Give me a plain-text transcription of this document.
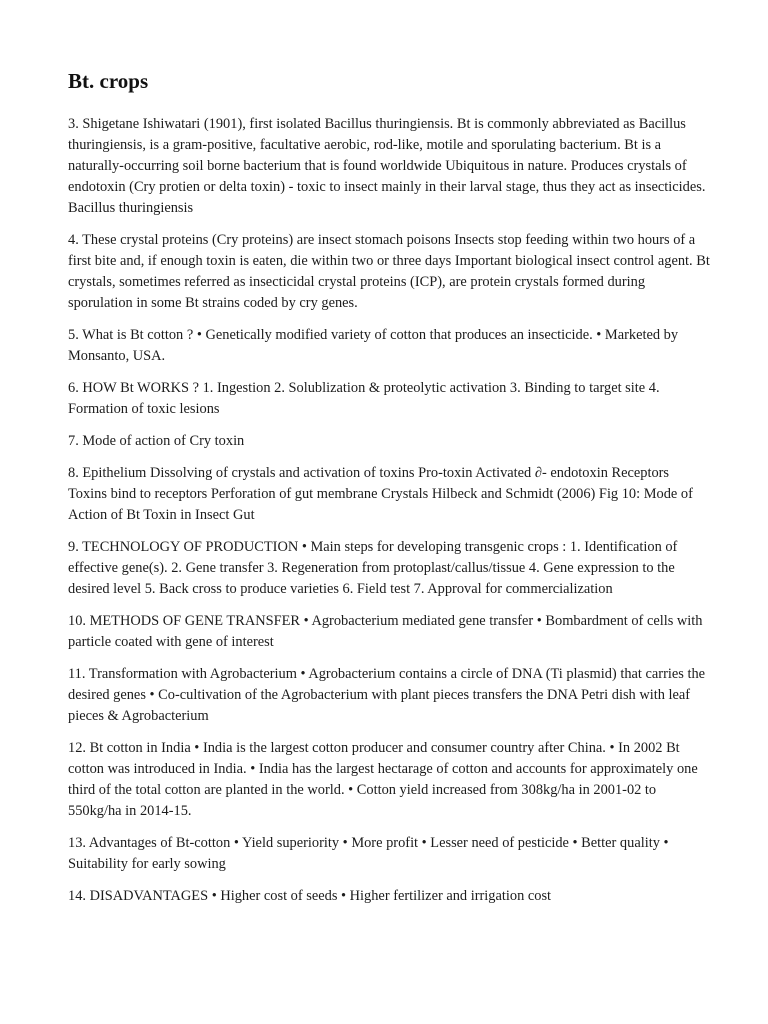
Bt. crops

3. Shigetane Ishiwatari (1901), first isolated Bacillus thuringiensis. Bt is commonly abbreviated as Bacillus thuringiensis, is a gram-positive, facultative aerobic, rod-like, motile and sporulating bacterium. Bt is a naturally-occurring soil borne bacterium that is found worldwide Ubiquitous in nature. Produces crystals of endotoxin (Cry protien or delta toxin) - toxic to insect mainly in their larval stage, thus they act as insecticides. Bacillus thuringiensis

4. These crystal proteins (Cry proteins) are insect stomach poisons Insects stop feeding within two hours of a first bite and, if enough toxin is eaten, die within two or three days Important biological insect control agent. Bt crystals, sometimes referred as insecticidal crystal proteins (ICP), are protein crystals formed during sporulation in some Bt strains coded by cry genes.

5. What is Bt cotton ? • Genetically modified variety of cotton that produces an insecticide. • Marketed by Monsanto, USA.

6. HOW Bt WORKS ? 1. Ingestion 2. Solublization & proteolytic activation 3. Binding to target site 4. Formation of toxic lesions

7. Mode of action of Cry toxin

8. Epithelium Dissolving of crystals and activation of toxins Pro-toxin Activated ∂- endotoxin Receptors Toxins bind to receptors Perforation of gut membrane Crystals Hilbeck and Schmidt (2006) Fig 10: Mode of Action of Bt Toxin in Insect Gut

9. TECHNOLOGY OF PRODUCTION • Main steps for developing transgenic crops : 1. Identification of effective gene(s). 2. Gene transfer 3. Regeneration from protoplast/callus/tissue 4. Gene expression to the desired level 5. Back cross to produce varieties 6. Field test 7. Approval for commercialization

10. METHODS OF GENE TRANSFER • Agrobacterium mediated gene transfer • Bombardment of cells with particle coated with gene of interest

11. Transformation with Agrobacterium • Agrobacterium contains a circle of DNA (Ti plasmid) that carries the desired genes • Co-cultivation of the Agrobacterium with plant pieces transfers the DNA Petri dish with leaf pieces & Agrobacterium

12. Bt cotton in India • India is the largest cotton producer and consumer country after China. • In 2002 Bt cotton was introduced in India. • India has the largest hectarage of cotton and accounts for approximately one third of the total cotton are planted in the world. • Cotton yield increased from 308kg/ha in 2001-02 to 550kg/ha in 2014-15.

13. Advantages of Bt-cotton • Yield superiority • More profit • Lesser need of pesticide • Better quality • Suitability for early sowing

14. DISADVANTAGES • Higher cost of seeds • Higher fertilizer and irrigation cost
